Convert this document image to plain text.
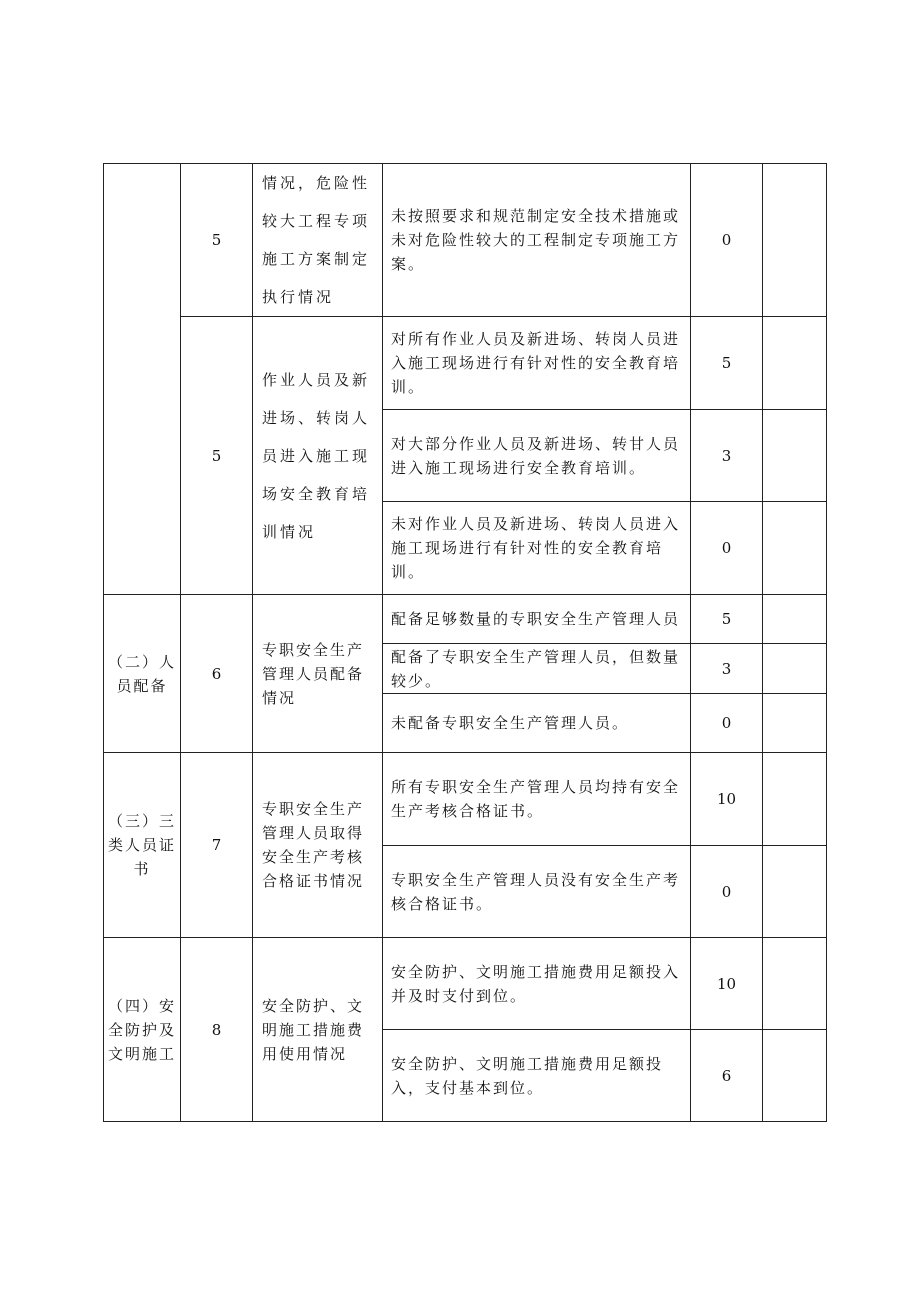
	5	情况，危险性较大工程专项施工方案制定执行情况	未按照要求和规范制定安全技术措施或未对危险性较大的工程制定专项施工方案。	0	
	5	作业人员及新进场、转岗人员进入施工现场安全教育培训情况	对所有作业人员及新进场、转岗人员进入施工现场进行有针对性的安全教育培训。	5	
			对大部分作业人员及新进场、转甘人员进入施工现场进行安全教育培训。	3	
			未对作业人员及新进场、转岗人员进入施工现场进行有针对性的安全教育培训。	0	
（二）人员配备	6	专职安全生产管理人员配备情况	配备足够数量的专职安全生产管理人员	5	
			配备了专职安全生产管理人员，但数量较少。	3	
			未配备专职安全生产管理人员。	0	
（三）三类人员证书	7	专职安全生产管理人员取得安全生产考核合格证书情况	所有专职安全生产管理人员均持有安全生产考核合格证书。	10	
			专职安全生产管理人员没有安全生产考核合格证书。	0	
（四）安全防护及文明施工	8	安全防护、文明施工措施费用使用情况	安全防护、文明施工措施费用足额投入并及时支付到位。	10	
			安全防护、文明施工措施费用足额投入，支付基本到位。	6	
